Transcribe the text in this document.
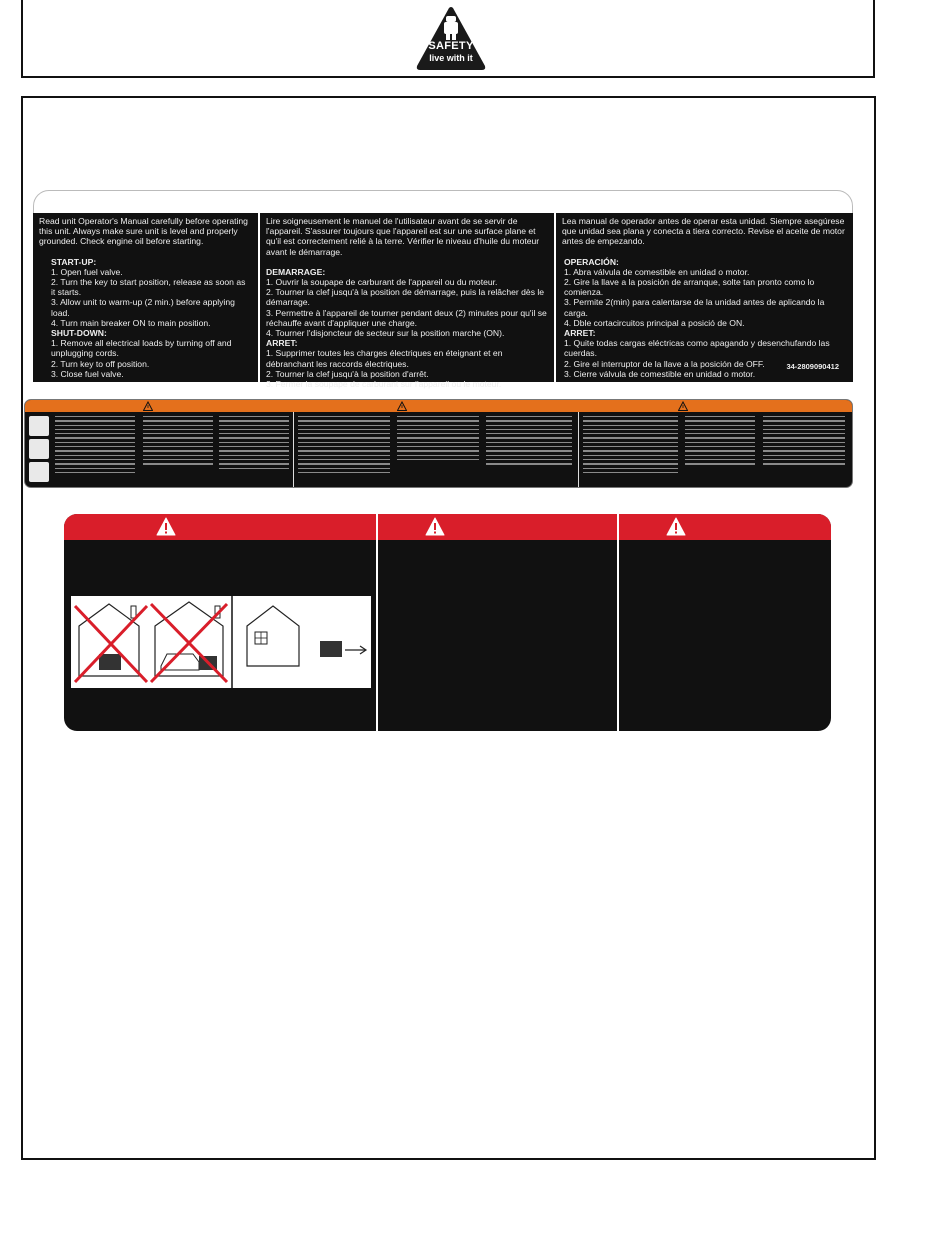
SAFETY
live with it

Read unit Operator's Manual carefully before operating this unit. Always make sure unit is level and properly grounded. Check engine oil before starting.

START-UP:
1. Open fuel valve.
2. Turn the key to start position, release as soon as it starts.
3. Allow unit to warm-up (2 min.) before applying load.
4. Turn main breaker ON to main position.
SHUT-DOWN:
1. Remove all electrical loads by turning off and unplugging cords.
2. Turn key to off position.
3. Close fuel valve.

Lire soigneusement le manuel de l'utilisateur avant de se servir de l'appareil. S'assurer toujours que l'appareil est sur une surface plane et qu'il est correctement relié à la terre. Vérifier le niveau d'huile du moteur avant le démarrage.

DEMARRAGE:
1. Ouvrir la soupape de carburant de l'appareil ou du moteur.
2. Tourner la clef jusqu'à la position de démarrage, puis la relâcher dès le démarrage.
3. Permettre à l'appareil de tourner pendant deux (2) minutes pour qu'il se réchauffe avant d'appliquer une charge.
4. Tourner l'disjoncteur de secteur sur la position marche (ON).
ARRET:
1. Supprimer toutes les charges électriques en éteignant et en débranchant les raccords électriques.
2. Tourner la clef jusqu'à la position d'arrêt.
3. Fermer la soupape de carburant sur l'appareil ou le moteur.

Lea manual de operador antes de operar esta unidad. Siempre asegúrese que unidad sea plana y conecta a tiera correcto. Revise el aceite de motor antes de empezando.

OPERACIÓN:
1. Abra válvula de comestible en unidad o motor.
2. Gire la llave a la posición de arranque, solte tan pronto como lo comienza.
3. Permite 2(min) para calentarse de la unidad antes de aplicando la carga.
4. Dble cortacircuitos principal a posició de ON.
ARRET:
1. Quite todas cargas eléctricas como apagando y desenchufando las cuerdas.
2. Gire el interruptor de la llave a la posición de OFF.
3. Cierre válvula de comestible en unidad o motor.
34-2809090412
